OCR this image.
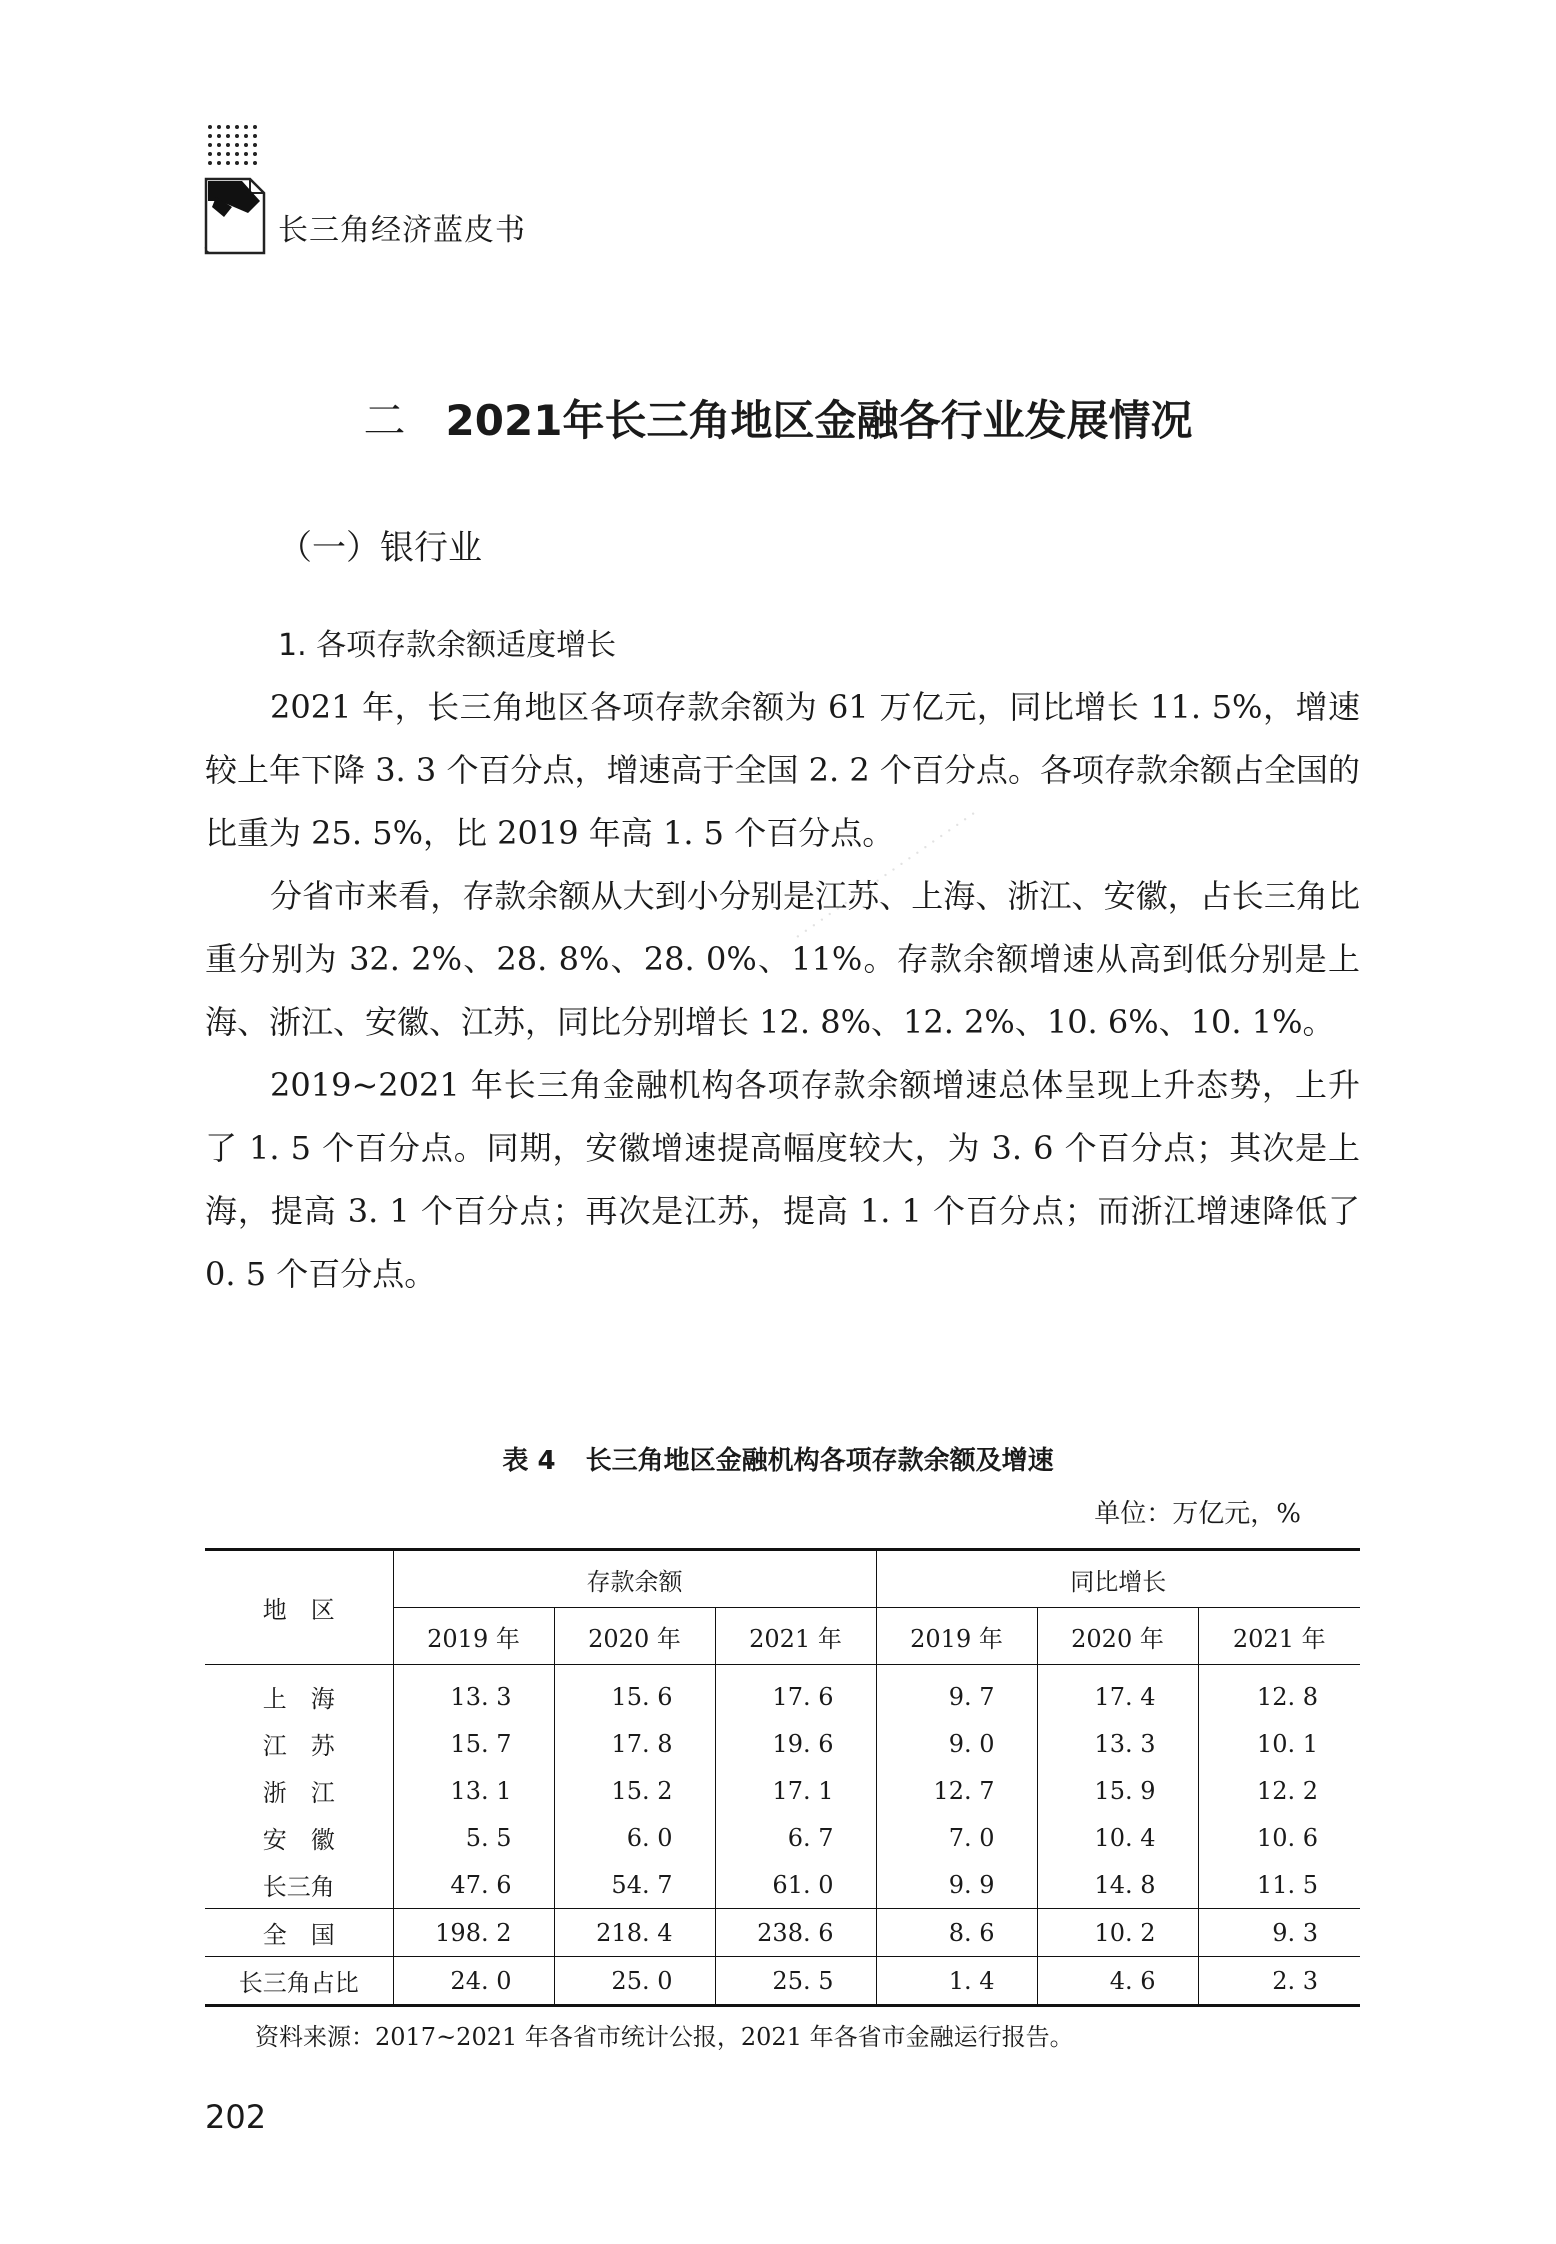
长三角经济蓝皮书
二 2021年长三角地区金融各行业发展情况
（一）银行业
1. 各项存款余额适度增长

2021 年，长三角地区各项存款余额为 61 万亿元，同比增长 11. 5%，增速较上年下降 3. 3 个百分点，增速高于全国 2. 2 个百分点。各项存款余额占全国的比重为 25. 5%，比 2019 年高 1. 5 个百分点。

分省市来看，存款余额从大到小分别是江苏、上海、浙江、安徽，占长三角比重分别为 32. 2%、28. 8%、28. 0%、11%。存款余额增速从高到低分别是上海、浙江、安徽、江苏，同比分别增长 12. 8%、12. 2%、10. 6%、10. 1%。

2019~2021 年长三角金融机构各项存款余额增速总体呈现上升态势，上升了 1. 5 个百分点。同期，安徽增速提高幅度较大，为 3. 6 个百分点；其次是上海，提高 3. 1 个百分点；再次是江苏，提高 1. 1 个百分点；而浙江增速降低了 0. 5 个百分点。

·······················
表 4 长三角地区金融机构各项存款余额及增速
单位：万亿元，%
地　区	存款余额			同比增长		
	2019 年	2020 年	2021 年	2019 年	2020 年	2021 年
上　海	13. 3	15. 6	17. 6	9. 7	17. 4	12. 8
江　苏	15. 7	17. 8	19. 6	9. 0	13. 3	10. 1
浙　江	13. 1	15. 2	17. 1	12. 7	15. 9	12. 2
安　徽	5. 5	6. 0	6. 7	7. 0	10. 4	10. 6
长三角	47. 6	54. 7	61. 0	9. 9	14. 8	11. 5
全　国	198. 2	218. 4	238. 6	8. 6	10. 2	9. 3
长三角占比	24. 0	25. 0	25. 5	1. 4	4. 6	2. 3
资料来源：2017~2021 年各省市统计公报，2021 年各省市金融运行报告。
202
